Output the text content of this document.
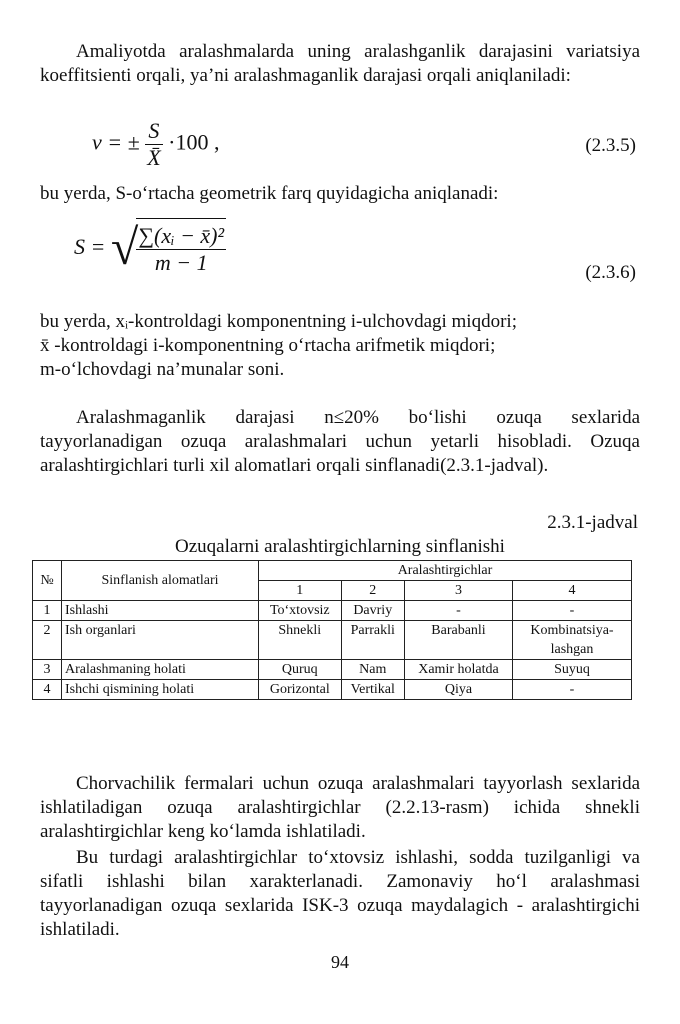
Amaliyotda aralashmalarda uning aralashganlik darajasini variatsiya koeffitsienti orqali, ya’ni aralashmaganlik darajasi orqali aniqlaniladi:
ν = ± $\frac{S}{X̄} \cdot 100$ ,	(2.3.5)
bu yerda, S-o‘rtacha geometrik farq quyidagicha aniqlanadi:
S = √
$\frac{\text{∑(xᵢ − x̄)²}}{m - 1}$	(2.3.6)
bu yerda, xᵢ-kontroldagi komponentning i-ulchovdagi miqdori;
x̄ -kontroldagi i-komponentning o‘rtacha arifmetik miqdori;
m-o‘lchovdagi na’munalar soni.
Aralashmaganlik darajasi n≤20% bo‘lishi ozuqa sexlarida tayyorlanadigan ozuqa aralashmalari uchun yetarli hisobladi. Ozuqa aralashtirgichlari turli xil alomatlari orqali sinflanadi(2.3.1-jadval).
2.3.1-jadval
Ozuqalarni aralashtirgichlarning sinflanishi
№	Sinflanish alomatlari	Aralashtirgichlar			
		1	2	3	4
1	Ishlashi	To‘xtovsiz	Davriy	-	-
2	Ish organlari	Shnekli	Parrakli	Barabanli	Kombinatsiya-lashgan
3	Aralashmaning holati	Quruq	Nam	Xamir holatda	Suyuq
4	Ishchi qismining holati	Gorizontal	Vertikal	Qiya	-
Chorvachilik fermalari uchun ozuqa aralashmalari tayyorlash sexlarida ishlatiladigan ozuqa aralashtirgichlar (2.2.13-rasm) ichida shnekli aralashtirgichlar keng ko‘lamda ishlatiladi.
Bu turdagi aralashtirgichlar to‘xtovsiz ishlashi, sodda tuzilganligi va sifatli ishlashi bilan xarakterlanadi. Zamonaviy ho‘l aralashmasi tayyorlanadigan ozuqa sexlarida ISK-3 ozuqa maydalagich - aralashtirgichi ishlatiladi.
94
